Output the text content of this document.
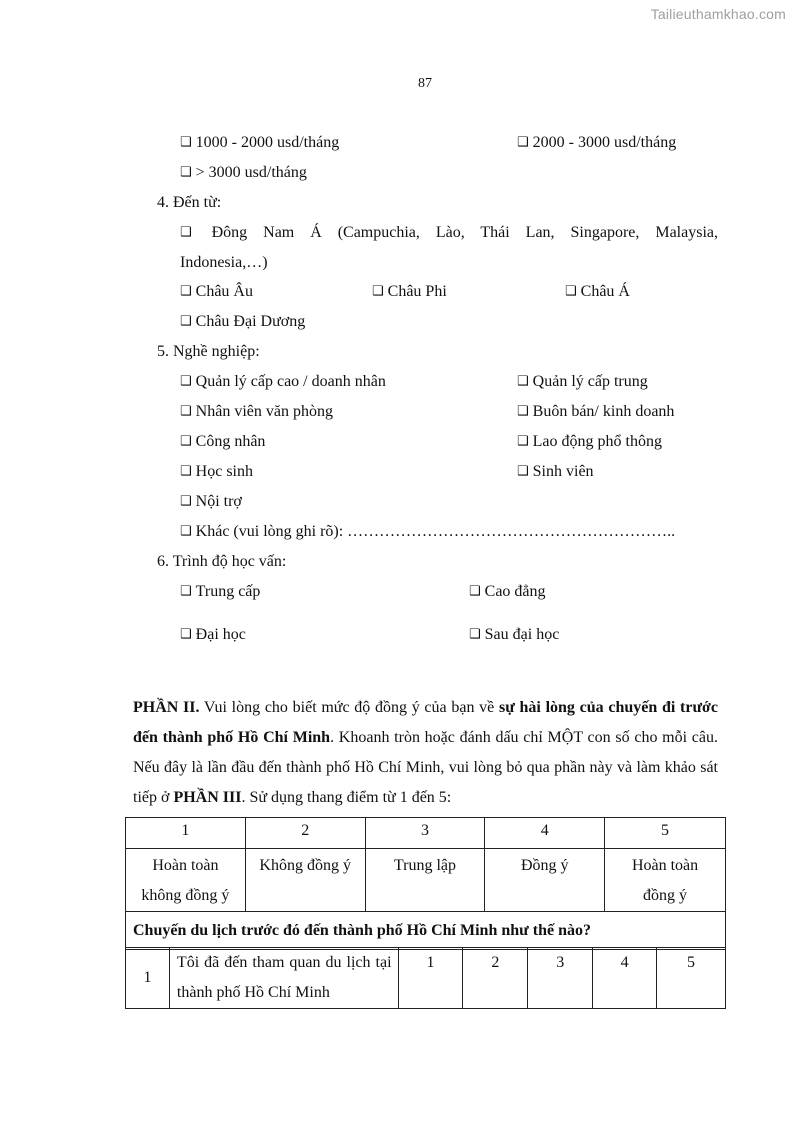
Tailieuthamkhao.com
87
❑ 1000 - 2000 usd/tháng	❑ 2000 - 3000 usd/tháng
❑ > 3000 usd/tháng
4. Đến từ:
❑ Đông Nam Á (Campuchia, Lào, Thái Lan, Singapore, Malaysia,
Indonesia,…)
❑ Châu Âu	❑ Châu Phi	❑ Châu Á
❑ Châu Đại Dương
5. Nghề nghiệp:
❑ Quản lý cấp cao / doanh nhân	❑ Quản lý cấp trung
❑ Nhân viên văn phòng	❑ Buôn bán/ kinh doanh
❑ Công nhân	❑ Lao động phổ thông
❑ Học sinh	❑ Sinh viên
❑ Nội trợ
❑ Khác (vui lòng ghi rõ): ……………………………………………………..
6. Trình độ học vấn:
❑ Trung cấp	❑ Cao đẳng
❑ Đại học	❑ Sau đại học
PHẦN II. Vui lòng cho biết mức độ đồng ý của bạn về sự hài lòng của chuyến đi trước đến thành phố Hồ Chí Minh. Khoanh tròn hoặc đánh dấu chỉ MỘT con số cho mỗi câu. Nếu đây là lần đầu đến thành phố Hồ Chí Minh, vui lòng bỏ qua phần này và làm khảo sát tiếp ở PHẦN III. Sử dụng thang điểm từ 1 đến 5:
1	2	3	4	5
Hoàn toàn không đồng ý	Không đồng ý	Trung lập	Đồng ý	Hoàn toàn đồng ý
Chuyến du lịch trước đó đến thành phố Hồ Chí Minh như thế nào?				
1	Tôi đã đến tham quan du lịch tại thành phố Hồ Chí Minh	1	2	3	4	5
